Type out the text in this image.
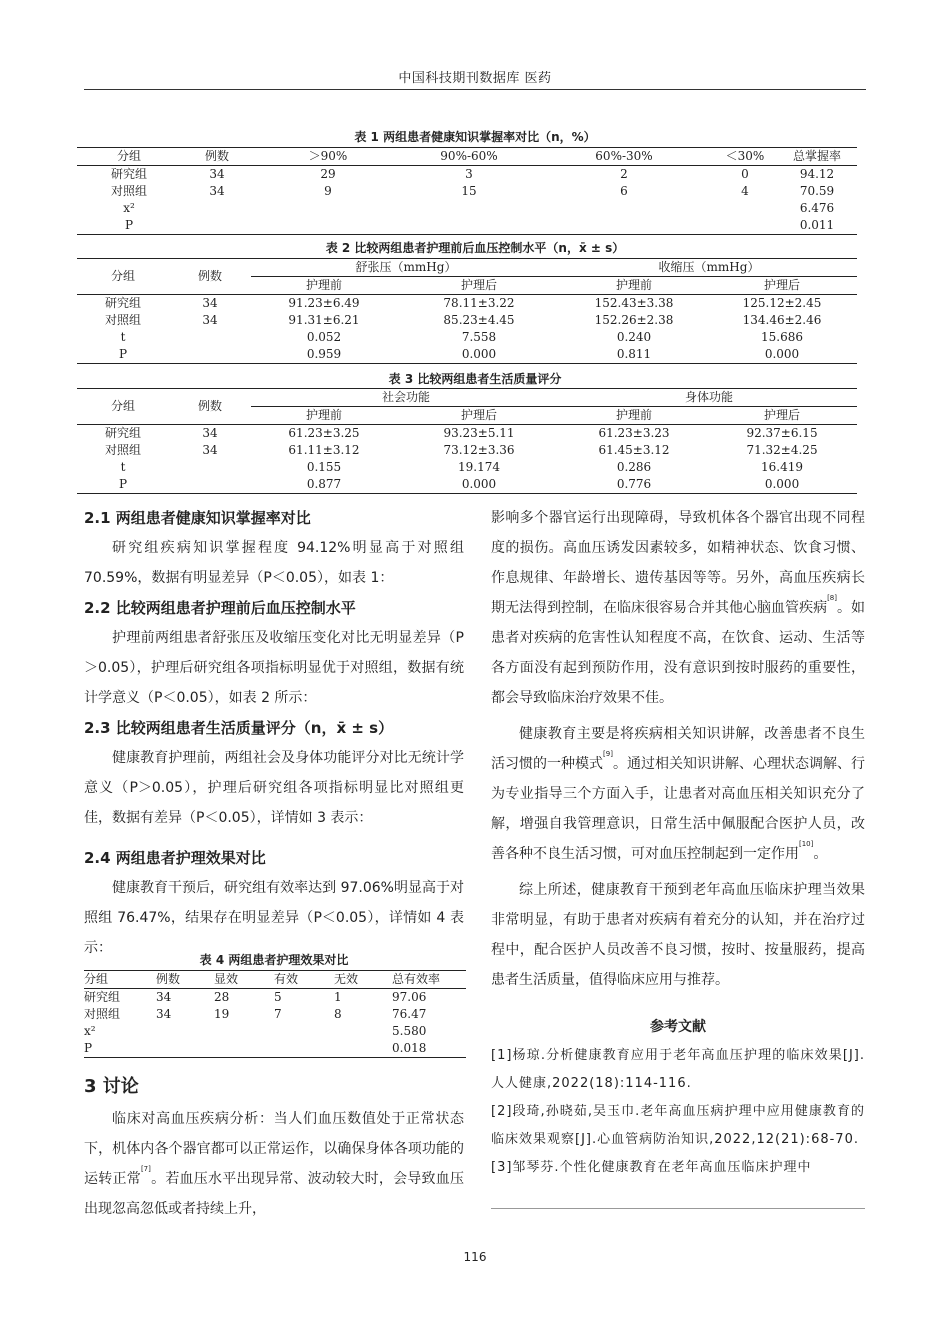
中国科技期刊数据库 医药
表 1 两组患者健康知识掌握率对比（n，%）
分组	例数	＞90%	90%-60%	60%-30%	＜30%	总掌握率
研究组	34	29	3	2	0	94.12
对照组	34	9	15	6	4	70.59
x²						6.476
P						0.011
表 2 比较两组患者护理前后血压控制水平（n，x̄ ± s）
分组	例数	舒张压（mmHg）		收缩压（mmHg）	
		护理前	护理后	护理前	护理后
研究组	34	91.23±6.49	78.11±3.22	152.43±3.38	125.12±2.45
对照组	34	91.31±6.21	85.23±4.45	152.26±2.38	134.46±2.46
t		0.052	7.558	0.240	15.686
P		0.959	0.000	0.811	0.000
表 3 比较两组患者生活质量评分
分组	例数	社会功能		身体功能	
		护理前	护理后	护理前	护理后
研究组	34	61.23±3.25	93.23±5.11	61.23±3.23	92.37±6.15
对照组	34	61.11±3.12	73.12±3.36	61.45±3.12	71.32±4.25
t		0.155	19.174	0.286	16.419
P		0.877	0.000	0.776	0.000
2.1 两组患者健康知识掌握率对比

研究组疾病知识掌握程度 94.12%明显高于对照组 70.59%，数据有明显差异（P＜0.05），如表 1：

2.2 比较两组患者护理前后血压控制水平

护理前两组患者舒张压及收缩压变化对比无明显差异（P＞0.05），护理后研究组各项指标明显优于对照组，数据有统计学意义（P＜0.05），如表 2 所示：

2.3 比较两组患者生活质量评分（n，x̄ ± s）

健康教育护理前，两组社会及身体功能评分对比无统计学意义（P＞0.05），护理后研究组各项指标明显比对照组更佳，数据有差异（P＜0.05），详情如 3 表示：

2.4 两组患者护理效果对比

健康教育干预后，研究组有效率达到 97.06%明显高于对照组 76.47%，结果存在明显差异（P＜0.05），详情如 4 表示：

表 4 两组患者护理效果对比
分组	例数	显效	有效	无效	总有效率
研究组	34	28	5	1	97.06
对照组	34	19	7	8	76.47
x²					5.580
P					0.018
3 讨论

临床对高血压疾病分析：当人们血压数值处于正常状态下，机体内各个器官都可以正常运作，以确保身体各项功能的运转正常[7]。若血压水平出现异常、波动较大时，会导致血压出现忽高忽低或者持续上升，

影响多个器官运行出现障碍，导致机体各个器官出现不同程度的损伤。高血压诱发因素较多，如精神状态、饮食习惯、作息规律、年龄增长、遗传基因等等。另外，高血压疾病长期无法得到控制，在临床很容易合并其他心脑血管疾病[8]。如患者对疾病的危害性认知程度不高，在饮食、运动、生活等各方面没有起到预防作用，没有意识到按时服药的重要性，都会导致临床治疗效果不佳。

健康教育主要是将疾病相关知识讲解，改善患者不良生活习惯的一种模式[9]。通过相关知识讲解、心理状态调解、行为专业指导三个方面入手，让患者对高血压相关知识充分了解，增强自我管理意识，日常生活中佩服配合医护人员，改善各种不良生活习惯，可对血压控制起到一定作用[10]。

综上所述，健康教育干预到老年高血压临床护理当效果非常明显，有助于患者对疾病有着充分的认知，并在治疗过程中，配合医护人员改善不良习惯，按时、按量服药，提高患者生活质量，值得临床应用与推荐。

参考文献

[1]杨琼.分析健康教育应用于老年高血压护理的临床效果[J].人人健康,2022(18):114-116.

[2]段琦,孙晓茹,吴玉巾.老年高血压病护理中应用健康教育的临床效果观察[J].心血管病防治知识,2022,12(21):68-70.

[3]邹琴芬.个性化健康教育在老年高血压临床护理中

116
